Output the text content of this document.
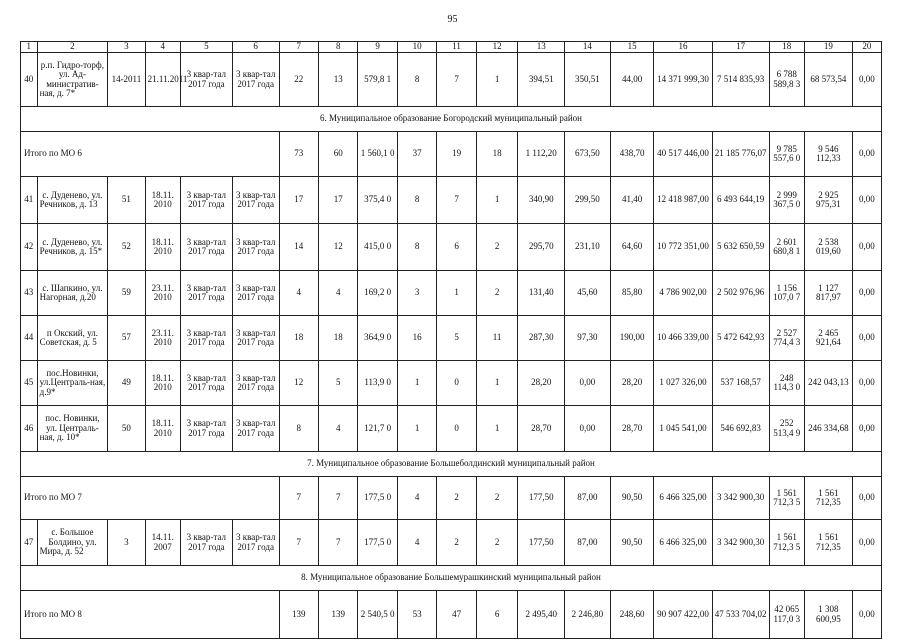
95
1	2	3	4	5	6	7	8	9	10	11	12	13	14	15	16	17	18	19	20
40	р.п. Гидро-торф, ул. Ад-министратив-ная, д. 7*	14-2011	21.11.2011	3 квар-тал 2017 года	3 квар-тал 2017 года	22	13	579,8 1	8	7	1	394,51	350,51	44,00	14 371 999,30	7 514 835,93	6 788 589,8 3	68 573,54	0,00
6. Муниципальное образование Богородский муниципальный район																			
Итого по МО 6						73	60	1 560,1 0	37	19	18	1 112,20	673,50	438,70	40 517 446,00	21 185 776,07	9 785 557,6 0	9 546 112,33	0,00
41	с. Дуденево, ул. Речников, д. 13	51	18.11. 2010	3 квар-тал 2017 года	3 квар-тал 2017 года	17	17	375,4 0	8	7	1	340,90	299,50	41,40	12 418 987,00	6 493 644,19	2 999 367,5 0	2 925 975,31	0,00
42	с. Дуденево, ул. Речников, д. 15*	52	18.11. 2010	3 квар-тал 2017 года	3 квар-тал 2017 года	14	12	415,0 0	8	6	2	295,70	231,10	64,60	10 772 351,00	5 632 650,59	2 601 680,8 1	2 538 019,60	0,00
43	с. Шапкино, ул. Нагорная, д.20	59	23.11. 2010	3 квар-тал 2017 года	3 квар-тал 2017 года	4	4	169,2 0	3	1	2	131,40	45,60	85,80	4 786 902,00	2 502 976,96	1 156 107,0 7	1 127 817,97	0,00
44	п Окский, ул. Советская, д. 5	57	23.11. 2010	3 квар-тал 2017 года	3 квар-тал 2017 года	18	18	364,9 0	16	5	11	287,30	97,30	190,00	10 466 339,00	5 472 642,93	2 527 774,4 3	2 465 921,64	0,00
45	пос.Новинки, ул.Централь-ная, д.9*	49	18.11. 2010	3 квар-тал 2017 года	3 квар-тал 2017 года	12	5	113,9 0	1	0	1	28,20	0,00	28,20	1 027 326,00	537 168,57	248 114,3 0	242 043,13	0,00
46	пос. Новинки, ул. Централь-ная, д. 10*	50	18.11. 2010	3 квар-тал 2017 года	3 квар-тал 2017 года	8	4	121,7 0	1	0	1	28,70	0,00	28,70	1 045 541,00	546 692,83	252 513,4 9	246 334,68	0,00
7. Муниципальное образование Большеболдинский муниципальный район																			
Итого по МО 7						7	7	177,5 0	4	2	2	177,50	87,00	90,50	6 466 325,00	3 342 900,30	1 561 712,3 5	1 561 712,35	0,00
47	с. Большое Болдино, ул. Мира, д. 52	3	14.11. 2007	3 квар-тал 2017 года	3 квар-тал 2017 года	7	7	177,5 0	4	2	2	177,50	87,00	90,50	6 466 325,00	3 342 900,30	1 561 712,3 5	1 561 712,35	0,00
8. Муниципальное образование Большемурашкинский муниципальный район																			
Итого по МО 8						139	139	2 540,5 0	53	47	6	2 495,40	2 246,80	248,60	90 907 422,00	47 533 704,02	42 065 117,0 3	1 308 600,95	0,00
